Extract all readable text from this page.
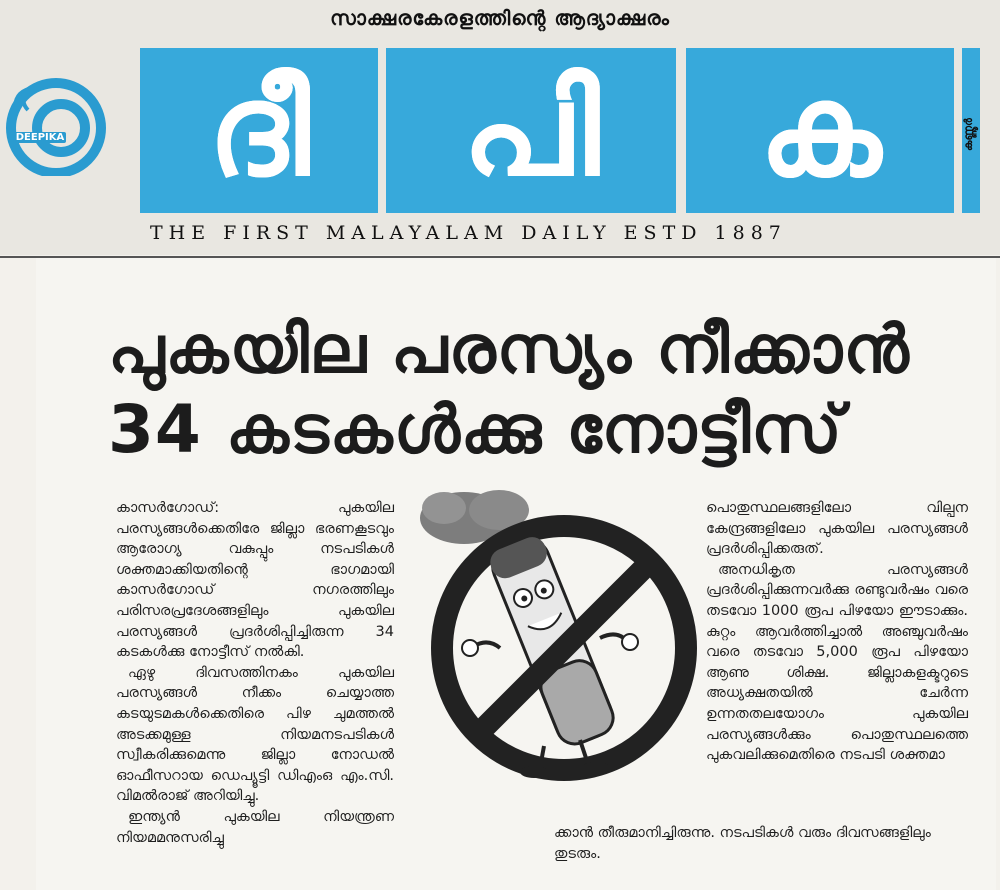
സാക്ഷരകേരളത്തിന്റെ ആദ്യാക്ഷരം
DEEPIKA ദീ പി ക	കണ്ണൂർ
THE FIRST MALAYALAM DAILY ESTD 1887
പുകയില പരസ്യം നീക്കാൻ
34 കടകൾക്കു നോട്ടീസ്

കാസർഗോഡ്: പുകയില പരസ്യങ്ങൾക്കെതിരേ ജില്ലാ ഭരണകൂടവും ആരോഗ്യ വകുപ്പും നടപടികൾ ശക്തമാക്കിയതിന്റെ ഭാഗമായി കാസർഗോഡ് നഗരത്തിലും പരിസരപ്രദേശങ്ങളിലും പുകയില പരസ്യങ്ങൾ പ്രദർശിപ്പിച്ചിരുന്ന 34 കടകൾക്കു നോട്ടീസ് നൽകി.

ഏഴു ദിവസത്തിനകം പുകയില പരസ്യങ്ങൾ നീക്കം ചെയ്യാത്ത കടയുടമകൾക്കെതിരെ പിഴ ചുമത്തൽ അടക്കമുള്ള നിയമനടപടികൾ സ്വീകരിക്കുമെന്നു ജില്ലാ നോഡൽ ഓഫീസറായ ഡെപ്യൂട്ടി ഡിഎംഒ എം.സി. വിമൽരാജ് അറിയിച്ചു.

ഇന്ത്യൻ പുകയില നിയന്ത്രണ നിയമമനുസരിച്ചു

പൊതുസ്ഥലങ്ങളിലോ വില്പന കേന്ദ്രങ്ങളിലോ പുകയില പരസ്യങ്ങൾ പ്രദർശിപ്പിക്കരുത്.

അനധികൃത പരസ്യങ്ങൾ പ്രദർശിപ്പിക്കുന്നവർക്കു രണ്ടുവർഷം വരെ തടവോ 1000 രൂപ പിഴയോ ഈടാക്കും. കുറ്റം ആവർത്തിച്ചാൽ അഞ്ചുവർഷം വരെ തടവോ 5,000 രൂപ പിഴയോ ആണു ശിക്ഷ. ജില്ലാകളക്ടറുടെ അധ്യക്ഷതയിൽ ചേർന്ന ഉന്നതതലയോഗം പുകയില പരസ്യങ്ങൾക്കും പൊതുസ്ഥലത്തെ പുകവലിക്കുമെതിരെ നടപടി ശക്തമാ

ക്കാൻ തീരുമാനിച്ചിരുന്നു. നടപടികൾ വരും ദിവസങ്ങളിലും തുടരും.
